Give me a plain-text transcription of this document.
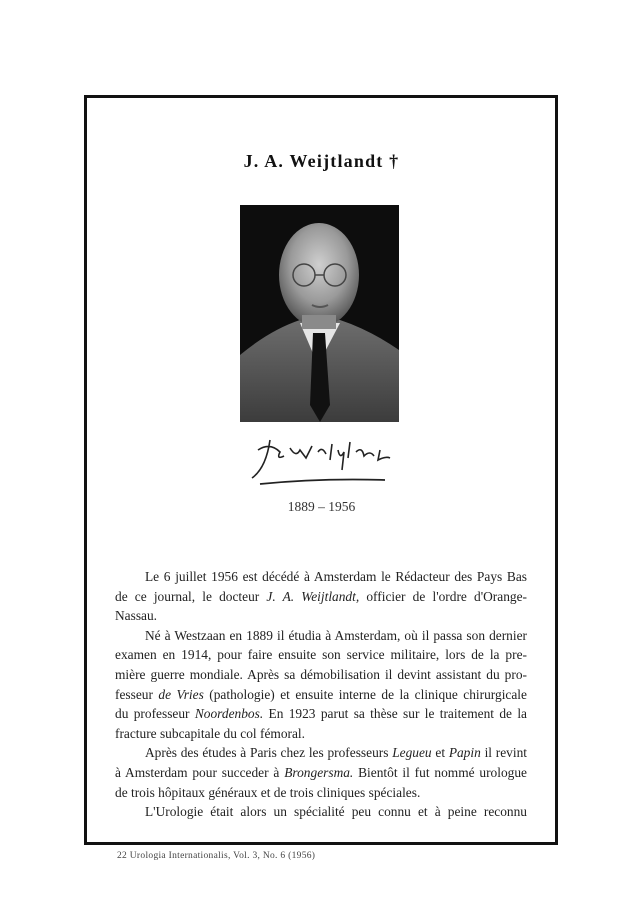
J. A. Weijtlandt †
1889 – 1956
Le 6 juillet 1956 est décédé à Amsterdam le Rédacteur des Pays Bas
de ce journal, le docteur J. A. Weijtlandt, officier de l'ordre d'Orange-
Nassau.
Né à Westzaan en 1889 il étudia à Amsterdam, où il passa son dernier
examen en 1914, pour faire ensuite son service militaire, lors de la pre-
mière guerre mondiale. Après sa démobilisation il devint assistant du pro-
fesseur de Vries (pathologie) et ensuite interne de la clinique chirurgicale
du professeur Noordenbos. En 1923 parut sa thèse sur le traitement de la
fracture subcapitale du col fémoral.
Après des études à Paris chez les professeurs Legueu et Papin il revint
à Amsterdam pour succeder à Brongersma. Bientôt il fut nommé urologue
de trois hôpitaux généraux et de trois cliniques spéciales.
L'Urologie était alors un spécialité peu connu et à peine reconnu
22 Urologia Internationalis, Vol. 3, No. 6 (1956)
